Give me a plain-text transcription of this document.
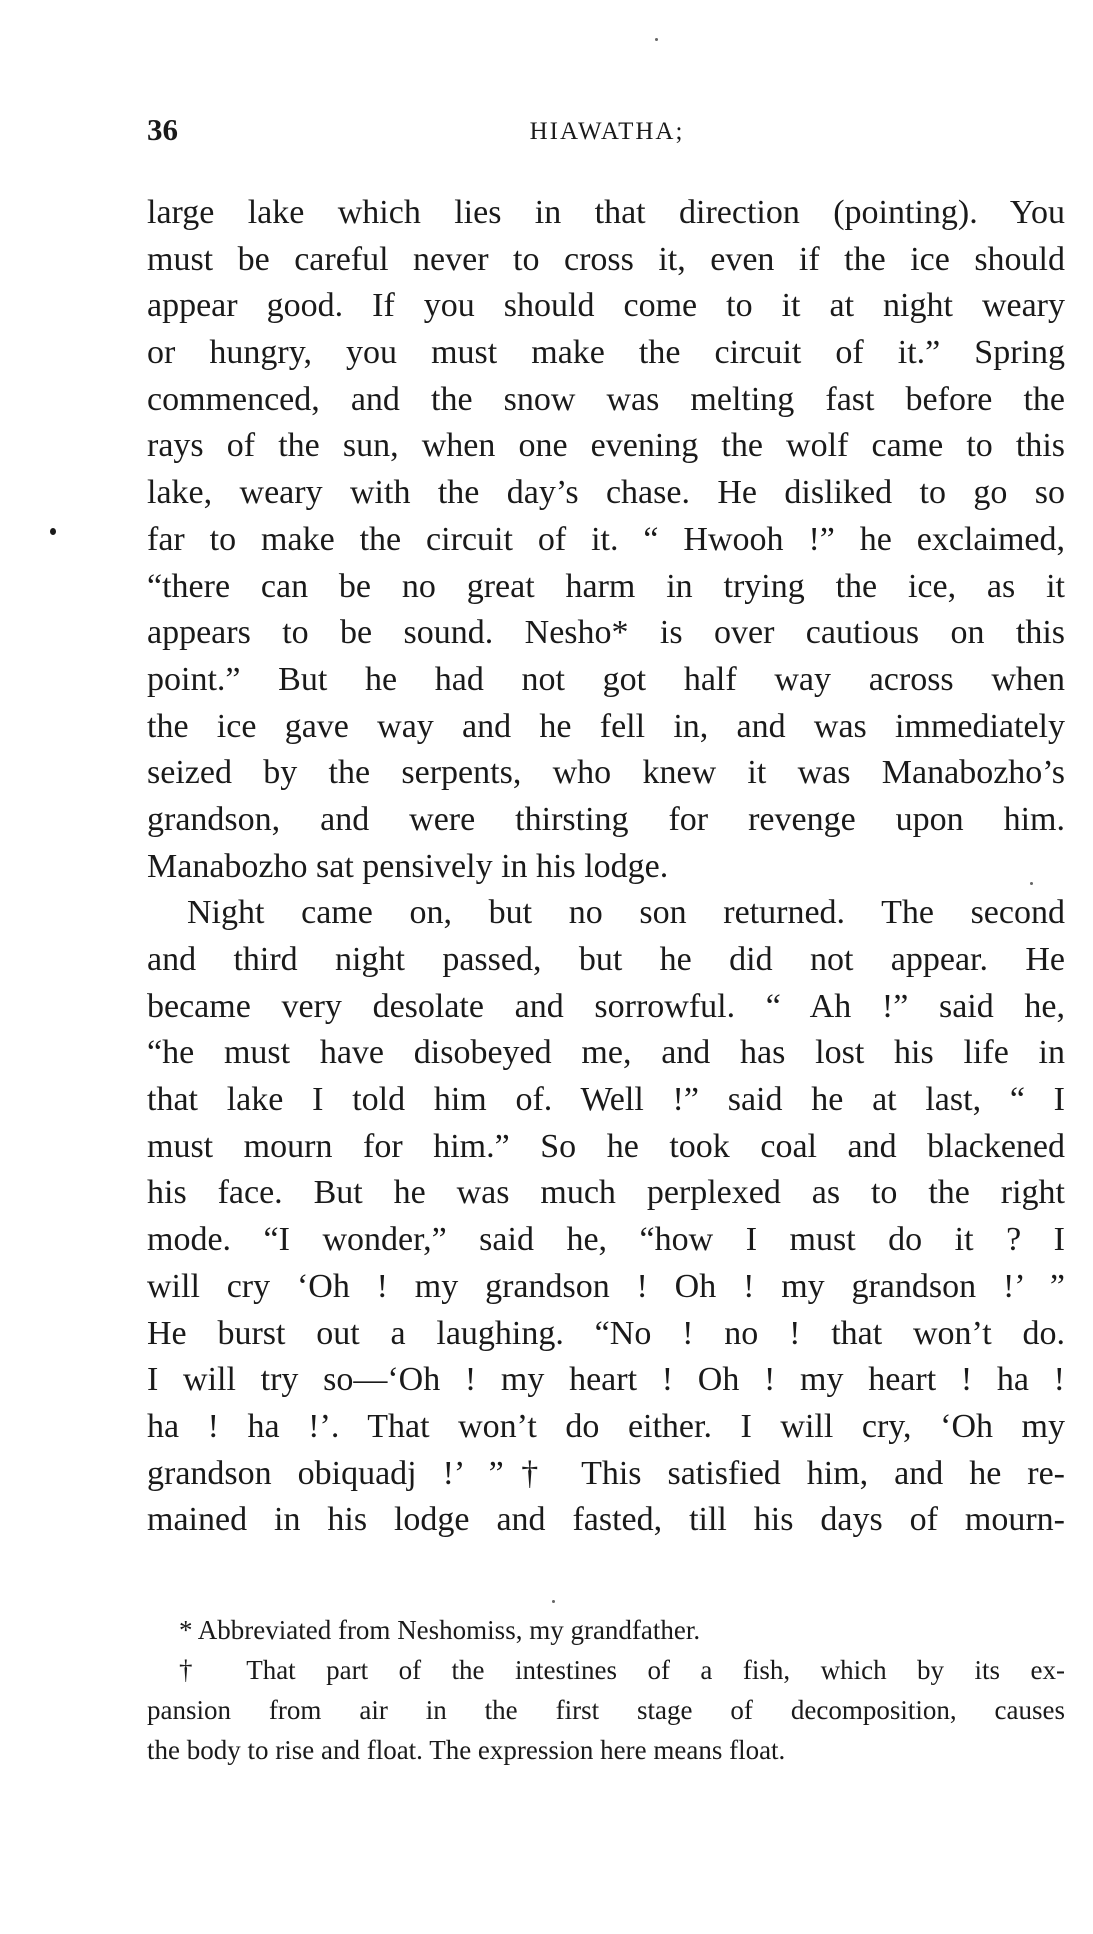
36	HIAWATHA;
large lake which lies in that direction (pointing). You
must be careful never to cross it, even if the ice should
appear good. If you should come to it at night weary
or hungry, you must make the circuit of it.” Spring
commenced, and the snow was melting fast before the
rays of the sun, when one evening the wolf came to this
lake, weary with the day’s chase. He disliked to go so
far to make the circuit of it. “ Hwooh !” he exclaimed,
“there can be no great harm in trying the ice, as it
appears to be sound. Nesho* is over cautious on this
point.” But he had not got half way across when
the ice gave way and he fell in, and was immediately
seized by the serpents, who knew it was Manabozho’s
grandson, and were thirsting for revenge upon him.
Manabozho sat pensively in his lodge.
Night came on, but no son returned. The second
and third night passed, but he did not appear. He
became very desolate and sorrowful. “ Ah !” said he,
“he must have disobeyed me, and has lost his life in
that lake I told him of. Well !” said he at last, “ I
must mourn for him.” So he took coal and blackened
his face. But he was much perplexed as to the right
mode. “I wonder,” said he, “how I must do it ? I
will cry ‘Oh ! my grandson ! Oh ! my grandson !’ ”
He burst out a laughing. “No ! no ! that won’t do.
I will try so—‘Oh ! my heart ! Oh ! my heart ! ha !
ha ! ha !’. That won’t do either. I will cry, ‘Oh my
grandson obiquadj !’ ”† This satisfied him, and he re-
mained in his lodge and fasted, till his days of mourn-
* Abbreviated from Neshomiss, my grandfather.
† That part of the intestines of a fish, which by its ex-
pansion from air in the first stage of decomposition, causes
the body to rise and float. The expression here means float.
